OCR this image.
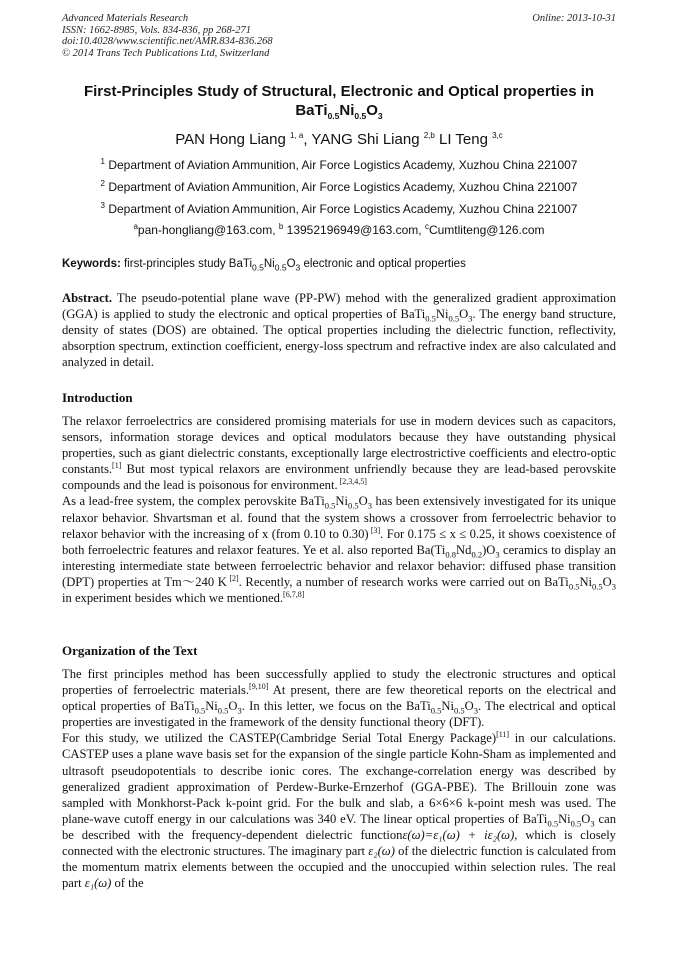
Advanced Materials Research
ISSN: 1662-8985, Vols. 834-836, pp 268-271
doi:10.4028/www.scientific.net/AMR.834-836.268
© 2014 Trans Tech Publications Ltd, Switzerland
Online: 2013-10-31
First-Principles Study of Structural, Electronic and Optical properties in
$BaTi_{0.5}Ni_{0.5}O_3$
PAN Hong Liang $^{1, a}$, YANG Shi Liang $^{2,b}$ LI Teng $^{3,c}$
$^1$ Department of Aviation Ammunition, Air Force Logistics Academy, Xuzhou China 221007
$^2$ Department of Aviation Ammunition, Air Force Logistics Academy, Xuzhou China 221007
$^3$ Department of Aviation Ammunition, Air Force Logistics Academy, Xuzhou China 221007
$^a$pan-hongliang@163.com, $^b$ 13952196949@163.com, $^c$Cumtliteng@126.com
Keywords: first-principles study $BaTi_{0.5}Ni_{0.5}O_3$ electronic and optical properties

Abstract. The pseudo-potential plane wave (PP-PW) mehod with the generalized gradient approximation (GGA) is applied to study the electronic and optical properties of $BaTi_{0.5}Ni_{0.5}O_3$. The energy band structure, density of states (DOS) are obtained. The optical properties including the dielectric function, reflectivity, absorption spectrum, extinction coefficient, energy-loss spectrum and refractive index are also calculated and analyzed in detail.

Introduction

The relaxor ferroelectrics are considered promising materials for use in modern devices such as capacitors, sensors, information storage devices and optical modulators because they have outstanding physical properties, such as giant dielectric constants, exceptionally large electrostrictive coefficients and electro-optic constants.[1] But most typical relaxors are environment unfriendly because they are lead-based perovskite compounds and the lead is poisonous for environment. [2,3,4,5]

As a lead-free system, the complex perovskite $BaTi_{0.5}Ni_{0.5}O_3$ has been extensively investigated for its unique relaxor behavior. Shvartsman et al. found that the system shows a crossover from ferroelectric behavior to relaxor behavior with the increasing of x (from 0.10 to 0.30) [3]. For 0.175 ≤ x ≤ 0.25, it shows coexistence of both ferroelectric features and relaxor features. Ye et al. also reported $Ba(Ti_{0.8}Nd_{0.2})O_3$ ceramics to display an interesting intermediate state between ferroelectric behavior and relaxor behavior: diffused phase transition (DPT) properties at Tm～240 K [2]. Recently, a number of research works were carried out on $BaTi_{0.5}Ni_{0.5}O_3$ in experiment besides which we mentioned.[6,7,8]

Organization of the Text

The first principles method has been successfully applied to study the electronic structures and optical properties of ferroelectric materials.[9,10] At present, there are few theoretical reports on the electrical and optical properties of $BaTi_{0.5}Ni_{0.5}O_3$. In this letter, we focus on the $BaTi_{0.5}Ni_{0.5}O_3$. The electrical and optical properties are investigated in the framework of the density functional theory (DFT).

For this study, we utilized the CASTEP(Cambridge Serial Total Energy Package)[11] in our calculations. CASTEP uses a plane wave basis set for the expansion of the single particle Kohn-Sham as implemented and ultrasoft pseudopotentials to describe ionic cores. The exchange-correlation energy was described by generalized gradient approximation of Perdew-Burke-Ernzerhof (GGA-PBE). The Brillouin zone was sampled with Monkhorst-Pack k-point grid. For the bulk and slab, a 6×6×6 k-point mesh was used. The plane-wave cutoff energy in our calculations was 340 eV. The linear optical properties of $BaTi_{0.5}Ni_{0.5}O_3$ can be described with the frequency-dependent dielectric functionε(ω)=ε₁(ω) + iε₂(ω), which is closely connected with the electronic structures. The imaginary part ε₂(ω) of the dielectric function is calculated from the momentum matrix elements between the occupied and the unoccupied within selection rules. The real part ε₁(ω) of the
